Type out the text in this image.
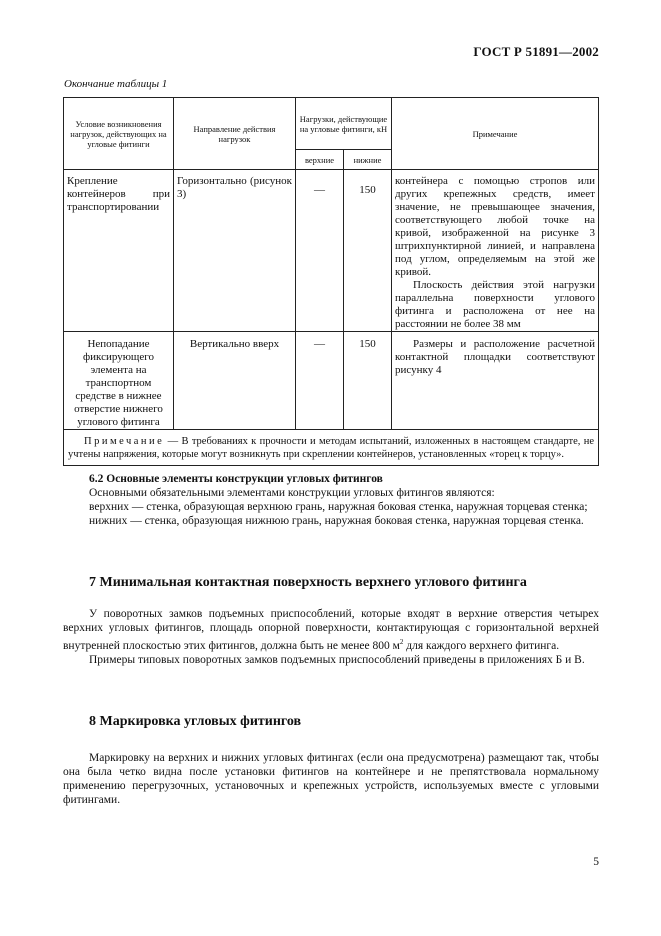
ГОСТ Р 51891—2002
Окончание таблицы 1
Условие возникновения нагрузок, действующих на угловые фитинги	Направление действия нагрузок	Нагрузки, действующие на угловые фитинги, кН		Примечание
		верхние	нижние	
Крепление контейнеров при транспортировании	Горизонтально (рисунок 3)	—	150	контейнера с помощью стропов или других крепежных средств, имеет значение, не превышающее значения, соответствующего любой точке на кривой, изображенной на рисунке 3 штрихпунктирной линией, и направлена под углом, определяемым на этой же кривой.
Плоскость действия этой нагрузки параллельна поверхности углового фитинга и расположена от нее на расстоянии не более 38 мм

Непопадание фиксирующего элемента на транспортном средстве в нижнее отверстие нижнего углового фитинга	Вертикально вверх	—	150	Размеры и расположение расчетной контактной площадки соответствуют рисунку 4
Примечание — В требованиях к прочности и методам испытаний, изложенных в настоящем стандарте, не учтены напряжения, которые могут возникнуть при скреплении контейнеров, установленных «торец к торцу».				

6.2 Основные элементы конструкции угловых фитингов

Основными обязательными элементами конструкции угловых фитингов являются:

верхних — стенка, образующая верхнюю грань, наружная боковая стенка, наружная торцевая стенка;

нижних — стенка, образующая нижнюю грань, наружная боковая стенка, наружная торцевая стенка.

7 Минимальная контактная поверхность верхнего углового фитинга

У поворотных замков подъемных приспособлений, которые входят в верхние отверстия четырех верхних угловых фитингов, площадь опорной поверхности, контактирующая с горизонтальной верхней внутренней плоскостью этих фитингов, должна быть не менее 800 $м^2$ для каждого верхнего фитинга.

Примеры типовых поворотных замков подъемных приспособлений приведены в приложениях Б и В.

8 Маркировка угловых фитингов

Маркировку на верхних и нижних угловых фитингах (если она предусмотрена) размещают так, чтобы она была четко видна после установки фитингов на контейнере и не препятствовала нормальному применению перегрузочных, установочных и крепежных устройств, используемых вместе с угловыми фитингами.

5
